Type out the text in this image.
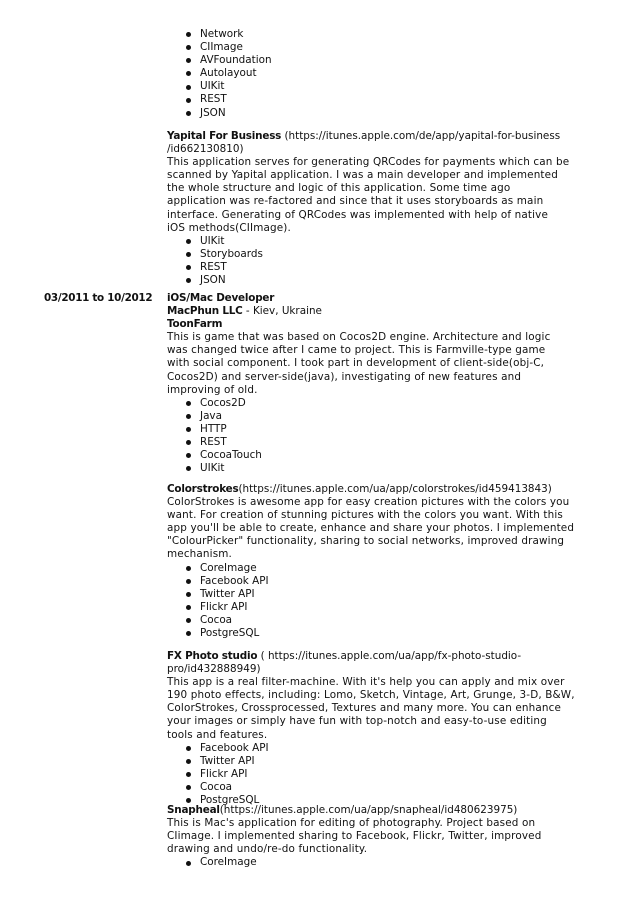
Network
CIImage
AVFoundation
Autolayout
UIKit
REST
JSON
Yapital For Business (https://itunes.apple.com/de/app/yapital-for-business
/id662130810)
This application serves for generating QRCodes for payments which can be
scanned by Yapital application. I was a main developer and implemented
the whole structure and logic of this application. Some time ago
application was re-factored and since that it uses storyboards as main
interface. Generating of QRCodes was implemented with help of native
iOS methods(CIImage).
UIKit
Storyboards
REST
JSON
03/2011 to 10/2012 iOS/Mac Developer
MacPhun LLC - Kiev, Ukraine
ToonFarm
This is game that was based on Cocos2D engine. Architecture and logic
was changed twice after I came to project. This is Farmville-type game
with social component. I took part in development of client-side(obj-C,
Cocos2D) and server-side(java), investigating of new features and
improving of old.
Cocos2D
Java
HTTP
REST
CocoaTouch
UIKit
Colorstrokes(https://itunes.apple.com/ua/app/colorstrokes/id459413843)
ColorStrokes is awesome app for easy creation pictures with the colors you
want. For creation of stunning pictures with the colors you want. With this
app you'll be able to create, enhance and share your photos. I implemented
"ColourPicker" functionality, sharing to social networks, improved drawing
mechanism.
CoreImage
Facebook API
Twitter API
Flickr API
Cocoa
PostgreSQL
FX Photo studio ( https://itunes.apple.com/ua/app/fx-photo-studio-
pro/id432888949)
This app is a real filter-machine. With it's help you can apply and mix over
190 photo effects, including: Lomo, Sketch, Vintage, Art, Grunge, 3-D, B&W,
ColorStrokes, Crossprocessed, Textures and many more. You can enhance
your images or simply have fun with top-notch and easy-to-use editing
tools and features.
Facebook API
Twitter API
Flickr API
Cocoa
PostgreSQL
Snapheal(https://itunes.apple.com/ua/app/snapheal/id480623975)
This is Mac's application for editing of photography. Project based on
CIimage. I implemented sharing to Facebook, Flickr, Twitter, improved
drawing and undo/re-do functionality.
CoreImage
